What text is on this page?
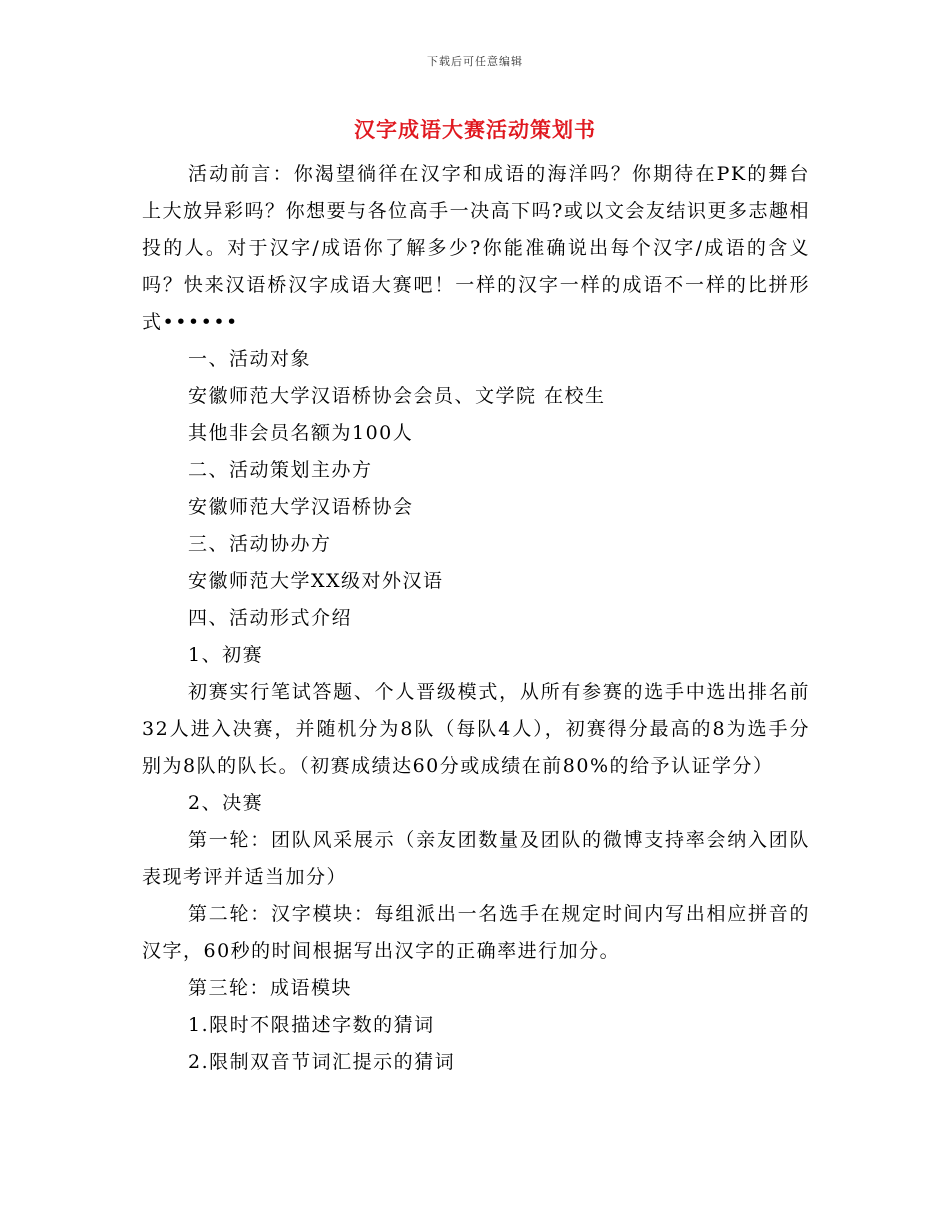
下载后可任意编辑
汉字成语大赛活动策划书

活动前言：你渴望徜徉在汉字和成语的海洋吗？你期待在PK的舞台上大放异彩吗？你想要与各位高手一决高下吗?或以文会友结识更多志趣相投的人。对于汉字/成语你了解多少?你能准确说出每个汉字/成语的含义吗？快来汉语桥汉字成语大赛吧！一样的汉字一样的成语不一样的比拼形式••••••

一、活动对象

安徽师范大学汉语桥协会会员、文学院 在校生

其他非会员名额为100人

二、活动策划主办方

安徽师范大学汉语桥协会

三、活动协办方

安徽师范大学XX级对外汉语

四、活动形式介绍

1、初赛

初赛实行笔试答题、个人晋级模式，从所有参赛的选手中选出排名前32人进入决赛，并随机分为8队（每队4人），初赛得分最高的8为选手分别为8队的队长。（初赛成绩达60分或成绩在前80%的给予认证学分）

2、决赛

第一轮：团队风采展示（亲友团数量及团队的微博支持率会纳入团队表现考评并适当加分）

第二轮：汉字模块：每组派出一名选手在规定时间内写出相应拼音的汉字，60秒的时间根据写出汉字的正确率进行加分。

第三轮：成语模块

1.限时不限描述字数的猜词

2.限制双音节词汇提示的猜词
